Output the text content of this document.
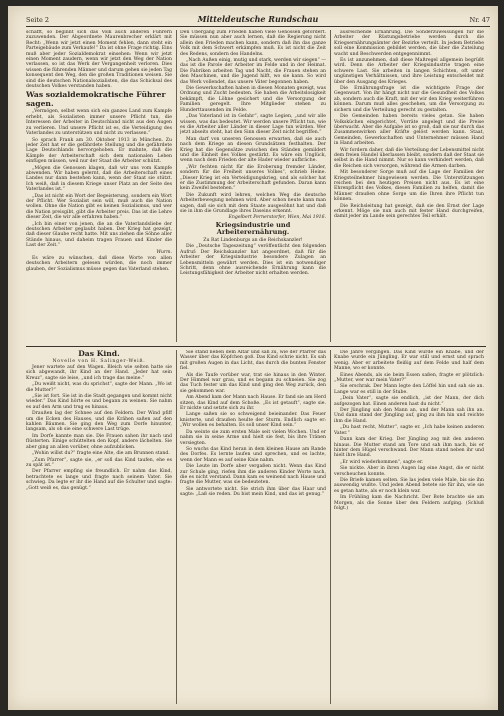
Seite 2	Mitteldeutsche Rundschau	Nr. 47

schafft, so beginnt sich das Volk auch anderen Führern zuzuwenden. Der Abgeordnete Maurenbrecher erklärt mit Recht: „Wenn wir jetzt einen Moment fehlen, dann steht ein Parteigebäude zum Verkaufe!“ Da ist ohne Frage richtig. Eins muß aber jeder Sozialdemokrat einsehen: Wenn wir jetzt einen Moment zaudern, wenn wir jetzt den Weg der Nation verlassen, so ist das Werk der Vergangenheit verloren. Dies wissen die führenden Männer und darum gehen sie jeden Tag konsequent den Weg, den die großen Traditionen weisen. Sie sind die deutschen Nationalsozialisten, die das Schicksal des deutschen Volkes verstanden haben.

Was sozialdemokratische Führer sagen.

„Vermögen, selbst wenn sich ein ganzes Land zum Kampfe erhebt, als Sozialisten immer unsere Pflicht tun, die Interessen der Arbeiter in Deutschland nicht aus den Augen zu verlieren. Und unsere Pflicht ist es, die Verteidigung des Vaterlandes zu unterstützen und nicht zu verlassen.“

So sprach Frank am 30. Oktober 1913 in München. Zu jeder Zeit hat er die gefährdete Stellung und die gefährdete Lage Deutschlands hervorgehoben. Er mahnte, daß die Kämpfe der Arbeiterschaft sich dem nationalen Leben einfügen müssen, weil nur der Staat die Arbeiter schützt.

„Mögen die Genossen klagen, daß wir uns vom Kampfe abwenden. Wir haben gelernt, daß die Arbeiterschaft eines Landes nur dann bestehen kann, wenn der Staat sie stützt. Ich weiß, daß in diesem Kriege unser Platz an der Seite des Vaterlandes ist.“

„Das ist nicht ein Wort der Begeisterung, sondern ein Wort der Pflicht. Wer Sozialist sein will, muß auch die Nation wollen. Ohne die Nation gibt es keinen Sozialismus, und wer die Nation preisgibt, gibt die Arbeiter preis. Das ist die Lehre dieser Zeit, die wir alle erfahren haben.“

„Ich bin einer von jenen, die an die Vaterlandsliebe der deutschen Arbeiter geglaubt haben. Der Krieg hat gezeigt, daß dieser Glaube recht hatte. Mit uns ziehen die Söhne aller Stände hinaus, und daheim tragen Frauen und Kinder die Last der Zeit.“

Wurm.

Es wäre zu wünschen, daß diese Worte von allen deutschen Arbeitern gelesen würden, die noch immer glauben, der Sozialismus müsse gegen das Vaterland stehen.

Den Übergang zum Frieden haben viele Genossen gefordert. Sie müssen nun aber auch lernen, daß die Regierung nicht allein den Frieden machen kann, sondern daß ihn das ganze Volk mit dem Schwert erkämpfen muß. Es ist nicht die Zeit des Redens, sondern des Handelns.

„Nach Außen einig, mutig und stark, werden wir siegen“ — das ist die Parole der Arbeiter im Felde und in der Heimat. Die Fabriken arbeiten Tag und Nacht, die Frauen stehen an den Maschinen, und die Jugend hilft, wo sie kann. So wird das Werk vollendet, das unsere Väter begonnen haben.

Die Gewerkschaften haben in diesen Monaten gezeigt, was Ordnung und Zucht bedeuten. Sie haben die Arbeitslosigkeit bekämpft, die Löhne gesichert und die Versorgung der Familien geregelt. Ihre Mitglieder stehen zu Hunderttausenden im Felde.

„Das Vaterland ist in Gefahr“, sagte Legien, „und wir alle wissen, was das bedeutet. Wir werden unsere Pflicht tun, wie es die Arbeiter aller Länder in dieser Lage tun würden. Wer jetzt abseits steht, hat den Sinn dieser Zeit nicht begriffen.“

Man darf von unseren Genossen erwarten, daß sie auch nach dem Kriege an diesen Grundsätzen festhalten. Der Krieg hat die Gegensätze zwischen den Ständen gemildert und die Einheit des Volkes gestärkt. Es wäre ein Unglück, wenn nach dem Frieden der alte Hader wieder aufbräche.

„Wir fechten nicht für die Eroberung fremder Länder, sondern für die Freiheit unseres Volkes“, schrieb Heine. „Dieser Krieg ist ein Verteidigungskrieg, und als solcher hat er die Zustimmung der Arbeiterschaft gefunden. Daran kann kein Zweifel bestehen.“

Die Zukunft wird lehren, welchen Weg die deutsche Arbeiterbewegung nehmen wird. Aber schon heute kann man sagen, daß sie sich mit dem Staate ausgesöhnt hat und daß sie in ihm die Grundlage ihres Daseins erkennt.

Engelbert Pernerstorfer, Wien, Mai 1916.

Kriegsindustrie und Arbeiterernährung.

Zu Rat Lindenburgs an die Reichskanzler!

Die „Deutsche Tageszeitung“ veröffentlicht den folgenden Aufruf: Der Reichskanzler hat angeordnet, daß für die Arbeiter der Kriegsindustrie besondere Zulagen an Lebensmitteln gewährt werden. Dies ist ein notwendiger Schritt, denn ohne ausreichende Ernährung kann die Leistungsfähigkeit der Arbeiter nicht erhalten werden.

ausreichende Ernährung. Die Sonderzuweisungen für die Arbeiter der Rüstungsbetriebe werden durch die Kriegsernährungsämter der Bezirke verteilt. In jedem Betriebe soll eine Kommission gebildet werden, die über die Zuteilung wacht und Beschwerden entgegennimmt.

Es ist anzunehmen, daß diese Maßregel allgemein begrüßt wird. Denn die Arbeiter der Kriegsindustrie tragen eine schwere Last. Sie arbeiten in langen Schichten, oft unter ungünstigen Verhältnissen, und ihre Leistung entscheidet mit über den Ausgang des Krieges.

Die Ernährungsfrage ist die wichtigste Frage der Gegenwart. Von ihr hängt nicht nur die Gesundheit des Volkes ab, sondern auch die Kraft, mit der wir den Krieg weiterführen können. Darum muß alles geschehen, um die Versorgung zu sichern und die Verteilung gerecht zu gestalten.

Die Gemeinden haben bereits vieles getan. Sie haben Volksküchen eingerichtet, Vorräte angelegt und die Preise überwacht. Aber die Aufgabe ist so groß, daß sie nur durch das Zusammenwirken aller Kräfte gelöst werden kann. Staat, Gemeinden, Gewerkschaften und Unternehmer müssen Hand in Hand arbeiten.

Wir fordern daher, daß die Verteilung der Lebensmittel nicht dem freien Handel überlassen bleibt, sondern daß der Staat sie selbst in die Hand nimmt. Nur so kann verhindert werden, daß die Reichen sich versorgen, während die Armen darben.

Mit besonderer Sorge muß auf die Lage der Familien der Kriegsteilnehmer hingewiesen werden. Die Unterstützungen reichen bei den heutigen Preisen nicht aus. Es ist eine Ehrenpflicht des Volkes, diesen Familien zu helfen, damit die Männer draußen ohne Sorge um die Ihren ihre Pflicht tun können.

Die Reichsleitung hat gezeigt, daß sie den Ernst der Lage erkennt. Möge sie nun auch mit fester Hand durchgreifen, damit jeder im Lande sein gerechtes Teil erhält.

Das Kind.

Novelle von H. Salinger-Weiß.

Jener wartete auf den Wagen. Bleich wie selten hatte sie sich abgewandt, ihr Kind an der Hand. „Jeder hat sein Kreuz“, sagte sie leise, „und ich trage das meine.“

„Du weißt nicht, was du sprichst“, sagte der Mann. „Wo ist die Mutter?“

„Sie ist fort. Sie ist in die Stadt gegangen und kommt nicht wieder.“ Das Kind hörte es und begann zu weinen. Sie nahm es auf den Arm und trug es hinaus.

Draußen lag der Schnee auf den Feldern. Der Wind pfiff um die Ecken des Hauses, und die Krähen saßen auf den kahlen Bäumen. Sie ging den Weg zum Dorfe hinunter, langsam, als ob sie eine schwere Last trüge.

Im Dorfe kannte man sie. Die Frauen sahen ihr nach und flüsterten. Einige schüttelten den Kopf, andere lächelten. Sie aber ging an allen vorüber, ohne aufzublicken.

„Wohin willst du?“ fragte eine Alte, die am Brunnen stand.

„Zum Pfarrer“, sagte sie, „er soll das Kind taufen, ehe es zu spät ist.“

Der Pfarrer empfing sie freundlich. Er nahm das Kind, betrachtete es lange und fragte nach seinem Vater. Sie schwieg. Da legte er ihr die Hand auf die Schulter und sagte: „Gott weiß es, das genügt.“

Sie stand neben dem Altar und sah zu, wie der Pfarrer das Wasser über das Köpfchen goß. Das Kind schrie nicht. Es sah mit großen Augen in das Licht, das durch die bunten Fenster fiel.

Als die Taufe vorüber war, trat sie hinaus in den Winter. Der Himmel war grau, und es begann zu schneien. Sie zog das Tuch fester um das Kind und ging den Weg zurück, den sie gekommen war.

Am Abend kam der Mann nach Hause. Er fand sie am Herd sitzen, das Kind auf dem Schoße. „Es ist getauft“, sagte sie. Er nickte und setzte sich zu ihr.

Lange saßen sie so schweigend beieinander. Das Feuer knisterte, und draußen heulte der Sturm. Endlich sagte er: „Wir wollen es behalten. Es soll unser Kind sein.“

Da weinte sie zum ersten Male seit vielen Wochen. Und er nahm sie in seine Arme und hielt sie fest, bis ihre Tränen versiegten.

So wuchs das Kind heran in dem kleinen Hause am Rande des Dorfes. Es lernte laufen und sprechen, und es lachte, wenn der Mann es auf seine Knie nahm.

Die Leute im Dorfe aber vergaßen nicht. Wenn das Kind zur Schule ging, riefen ihm die anderen Kinder Worte nach, die es nicht verstand. Dann kam es weinend nach Hause und fragte die Mutter, was sie bedeuteten.

Sie antwortete nicht. Sie strich ihm über das Haar und sagte: „Laß sie reden. Du bist mein Kind, und das ist genug.“

Die Jahre vergingen. Das Kind wurde ein Knabe, und der Knabe wurde ein Jüngling. Er war still und ernst und sprach wenig. Aber er arbeitete fleißig auf dem Felde und half dem Manne, wo er konnte.

Eines Abends, als sie beim Essen saßen, fragte er plötzlich: „Mutter, wer war mein Vater?“

Sie erschrak. Der Mann legte den Löffel hin und sah sie an. Lange war es still in der Stube.

„Dein Vater“, sagte sie endlich, „ist der Mann, der dich aufgezogen hat. Einen anderen hast du nicht.“

Der Jüngling sah den Mann an, und der Mann sah ihn an. Und dann stand der Jüngling auf, ging zu ihm hin und reichte ihm die Hand.

„Du hast recht, Mutter“, sagte er. „Ich habe keinen anderen Vater.“

Dann kam der Krieg. Der Jüngling zog mit den anderen hinaus. Die Mutter stand am Tore und sah ihm nach, bis er hinter dem Hügel verschwand. Der Mann stand neben ihr und hielt ihre Hand.

„Er wird wiederkommen“, sagte er.

Sie nickte. Aber in ihren Augen lag eine Angst, die er nicht verscheuchen konnte.

Die Briefe kamen selten. Sie las jeden viele Male, bis sie ihn auswendig wußte. Und jeden Abend betete sie für ihn, wie sie es getan hatte, als er noch klein war.

Im Frühling kam die Nachricht. Der Bote brachte sie am Morgen, als die Sonne über den Feldern aufging. (Schluß folgt.)
